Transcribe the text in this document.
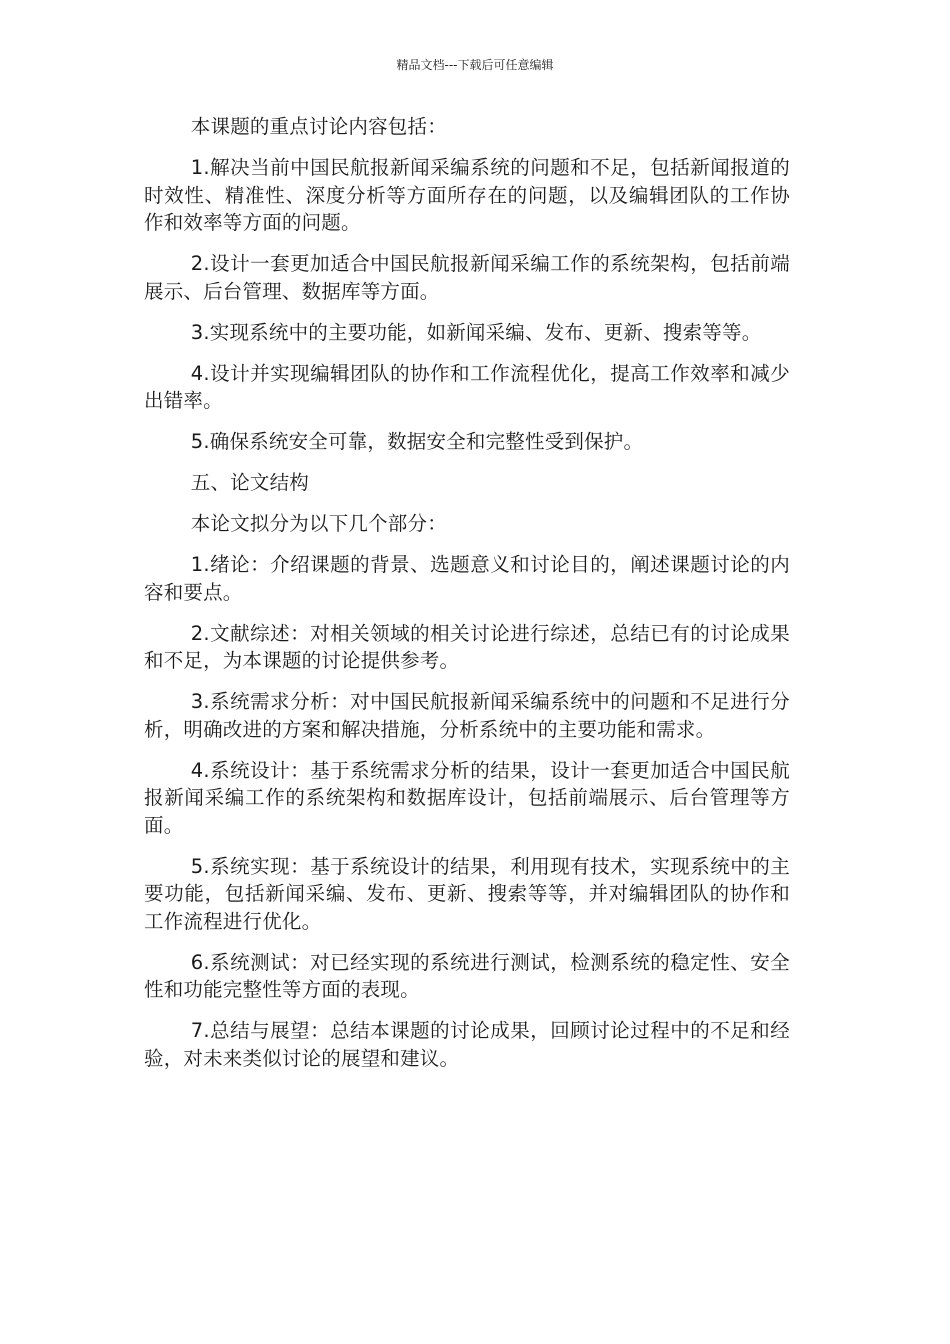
精品文档---下载后可任意编辑

本课题的重点讨论内容包括：

1.解决当前中国民航报新闻采编系统的问题和不足，包括新闻报道的时效性、精准性、深度分析等方面所存在的问题，以及编辑团队的工作协作和效率等方面的问题。

2.设计一套更加适合中国民航报新闻采编工作的系统架构，包括前端展示、后台管理、数据库等方面。

3.实现系统中的主要功能，如新闻采编、发布、更新、搜索等等。

4.设计并实现编辑团队的协作和工作流程优化，提高工作效率和减少出错率。

5.确保系统安全可靠，数据安全和完整性受到保护。

五、论文结构

本论文拟分为以下几个部分：

1.绪论：介绍课题的背景、选题意义和讨论目的，阐述课题讨论的内容和要点。

2.文献综述：对相关领域的相关讨论进行综述，总结已有的讨论成果和不足，为本课题的讨论提供参考。

3.系统需求分析：对中国民航报新闻采编系统中的问题和不足进行分析，明确改进的方案和解决措施，分析系统中的主要功能和需求。

4.系统设计：基于系统需求分析的结果，设计一套更加适合中国民航报新闻采编工作的系统架构和数据库设计，包括前端展示、后台管理等方面。

5.系统实现：基于系统设计的结果，利用现有技术，实现系统中的主要功能，包括新闻采编、发布、更新、搜索等等，并对编辑团队的协作和工作流程进行优化。

6.系统测试：对已经实现的系统进行测试，检测系统的稳定性、安全性和功能完整性等方面的表现。

7.总结与展望：总结本课题的讨论成果，回顾讨论过程中的不足和经验，对未来类似讨论的展望和建议。
